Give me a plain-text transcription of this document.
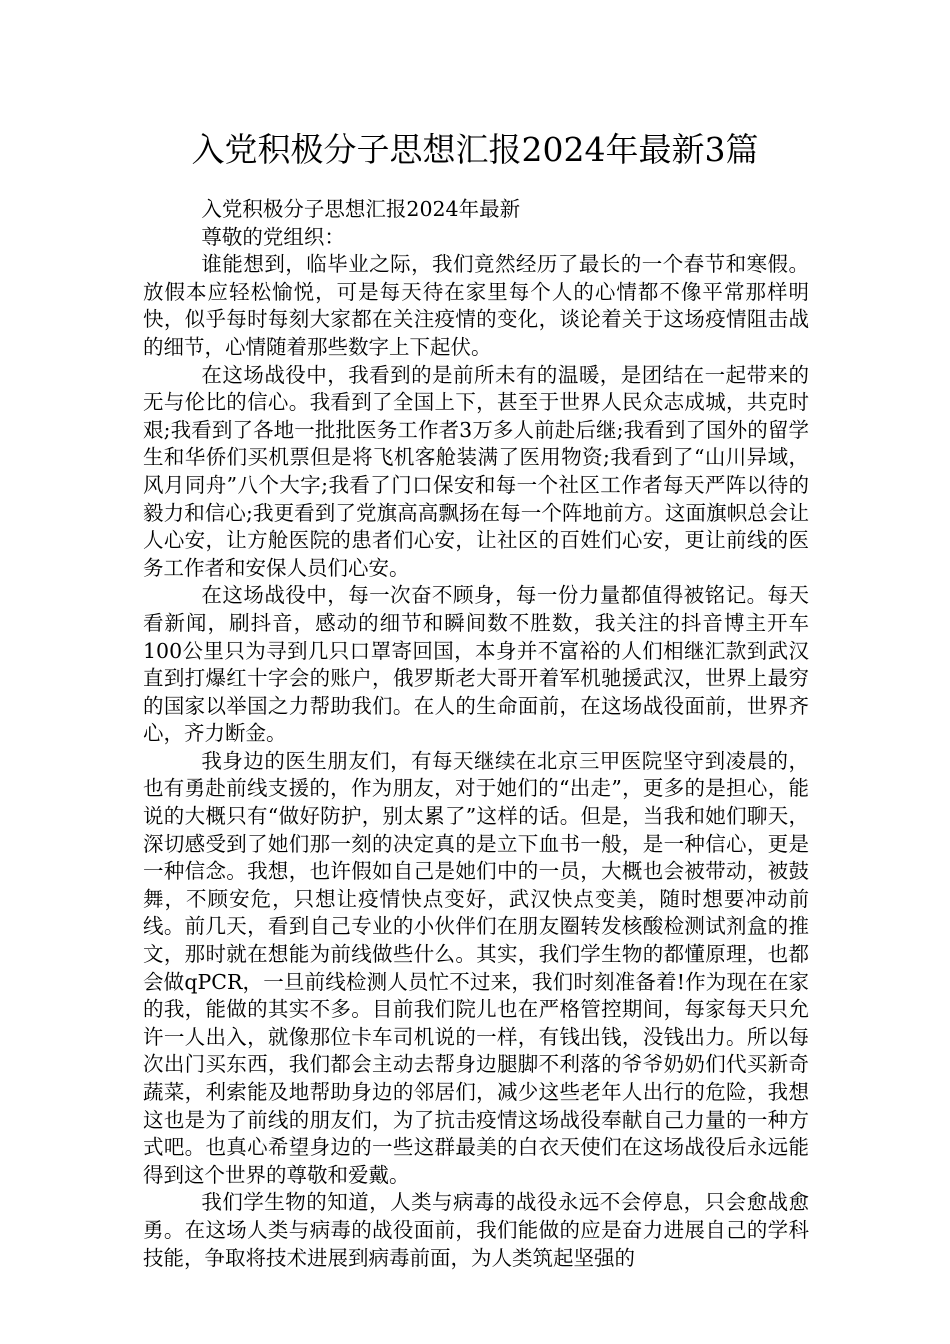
入党积极分子思想汇报2024年最新3篇

入党积极分子思想汇报2024年最新

尊敬的党组织：

谁能想到，临毕业之际，我们竟然经历了最长的一个春节和寒假。放假本应轻松愉悦，可是每天待在家里每个人的心情都不像平常那样明快，似乎每时每刻大家都在关注疫情的变化，谈论着关于这场疫情阻击战的细节，心情随着那些数字上下起伏。

在这场战役中，我看到的是前所未有的温暖，是团结在一起带来的无与伦比的信心。我看到了全国上下，甚至于世界人民众志成城，共克时艰;我看到了各地一批批医务工作者3万多人前赴后继;我看到了国外的留学生和华侨们买机票但是将飞机客舱装满了医用物资;我看到了“山川异域，风月同舟”八个大字;我看了门口保安和每一个社区工作者每天严阵以待的毅力和信心;我更看到了党旗高高飘扬在每一个阵地前方。这面旗帜总会让人心安，让方舱医院的患者们心安，让社区的百姓们心安，更让前线的医务工作者和安保人员们心安。

在这场战役中，每一次奋不顾身，每一份力量都值得被铭记。每天看新闻，刷抖音，感动的细节和瞬间数不胜数，我关注的抖音博主开车100公里只为寻到几只口罩寄回国，本身并不富裕的人们相继汇款到武汉直到打爆红十字会的账户，俄罗斯老大哥开着军机驰援武汉，世界上最穷的国家以举国之力帮助我们。在人的生命面前，在这场战役面前，世界齐心，齐力断金。

我身边的医生朋友们，有每天继续在北京三甲医院坚守到凌晨的，也有勇赴前线支援的，作为朋友，对于她们的“出走”，更多的是担心，能说的大概只有“做好防护，别太累了”这样的话。但是，当我和她们聊天，深切感受到了她们那一刻的决定真的是立下血书一般，是一种信心，更是一种信念。我想，也许假如自己是她们中的一员，大概也会被带动，被鼓舞，不顾安危，只想让疫情快点变好，武汉快点变美，随时想要冲动前线。前几天，看到自己专业的小伙伴们在朋友圈转发核酸检测试剂盒的推文，那时就在想能为前线做些什么。其实，我们学生物的都懂原理，也都会做qPCR，一旦前线检测人员忙不过来，我们时刻准备着!作为现在在家的我，能做的其实不多。目前我们院儿也在严格管控期间，每家每天只允许一人出入，就像那位卡车司机说的一样，有钱出钱，没钱出力。所以每次出门买东西，我们都会主动去帮身边腿脚不利落的爷爷奶奶们代买新奇蔬菜，利索能及地帮助身边的邻居们，减少这些老年人出行的危险，我想这也是为了前线的朋友们，为了抗击疫情这场战役奉献自己力量的一种方式吧。也真心希望身边的一些这群最美的白衣天使们在这场战役后永远能得到这个世界的尊敬和爱戴。

我们学生物的知道，人类与病毒的战役永远不会停息，只会愈战愈勇。在这场人类与病毒的战役面前，我们能做的应是奋力进展自己的学科技能，争取将技术进展到病毒前面，为人类筑起坚强的
